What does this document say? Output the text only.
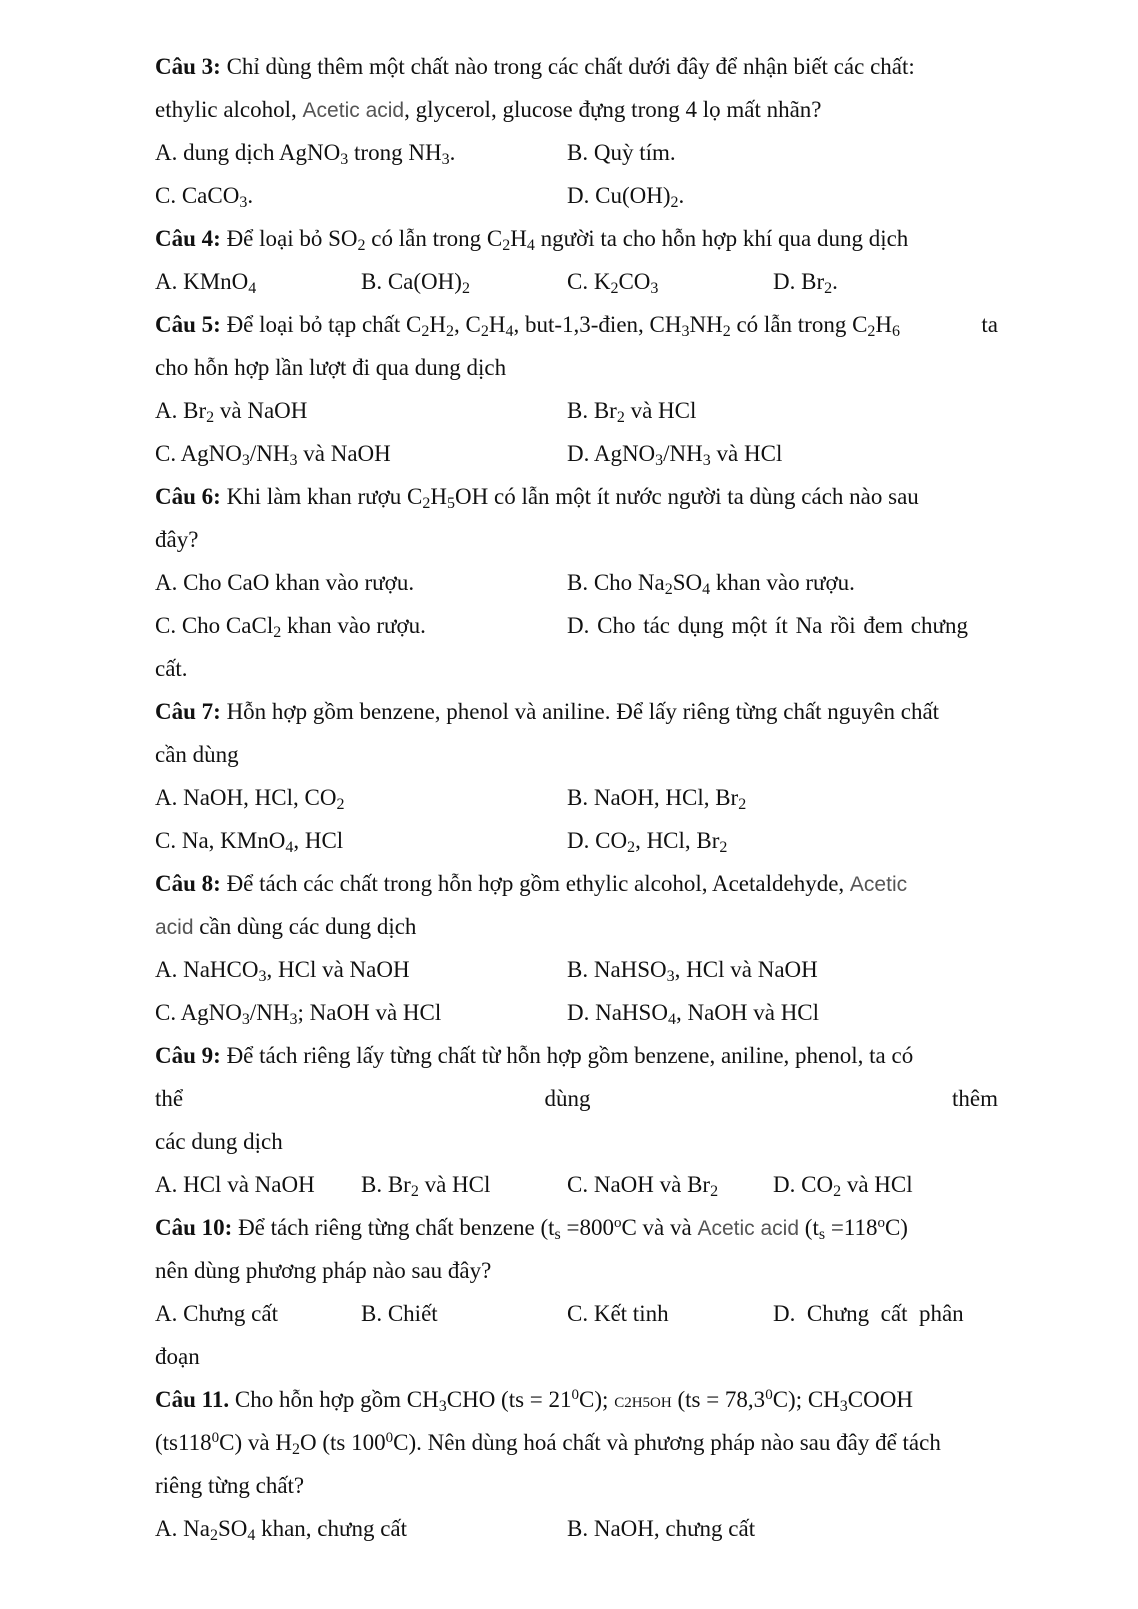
Câu 3: Chỉ dùng thêm một chất nào trong các chất dưới đây để nhận biết các chất:
ethylic alcohol, Acetic acid, glycerol, glucose đựng trong 4 lọ mất nhãn?
A. dung dịch AgNO$_3$ trong $NH_3$.	B. Quỳ tím.
C. CaCO$_3$.	D. $Cu(OH)_2$.
Câu 4: Để loại bỏ $SO_2$ có lẫn trong $C_2H_4$ người ta cho hỗn hợp khí qua dung dịch
A. KMnO$_4$	B. $Ca(OH)_2$	C. $K_2CO_3$	D. $Br_2$.
Câu 5: Để loại bỏ tạp chất $C_2H_2$, $C_2H_4$, but-1,3-đien, $CH_3NH_2$ có lẫn trong $C_2H_6$	ta
cho hỗn hợp lần lượt đi qua dung dịch
A. $Br_2$ và NaOH	B. $Br_2$ và HCl
C. $AgNO_3/NH_3$ và NaOH	D. $AgNO_3/NH_3$ và HCl
Câu 6: Khi làm khan rượu $C_2H_5OH$ có lẫn một ít nước người ta dùng cách nào sau
đây?
A. Cho CaO khan vào rượu.	B. Cho $Na_2SO_4$ khan vào rượu.
C. Cho CaCl$_2$ khan vào rượu.	D. Cho tác dụng một ít Na rồi đem chưng
cất.
Câu 7: Hỗn hợp gồm benzene, phenol và aniline. Để lấy riêng từng chất nguyên chất
cần dùng
A. NaOH, HCl, $CO_2$	B. NaOH, HCl, $Br_2$
C. Na, KMnO$_4$, HCl	D. $CO_2$, HCl, $Br_2$
Câu 8: Để tách các chất trong hỗn hợp gồm ethylic alcohol, Acetaldehyde, Acetic
acid cần dùng các dung dịch
A. NaHCO$_3$, HCl và NaOH	B. NaHSO$_3$, HCl và NaOH
C. $AgNO_3/NH_3$; NaOH và HCl	D. NaHSO$_4$, NaOH và HCl
Câu 9: Để tách riêng lấy từng chất từ hỗn hợp gồm benzene, aniline, phenol, ta có
thể	dùng	thêm
các dung dịch
A. HCl và NaOH	B. $Br_2$ và HCl	C. NaOH và $Br_2$	D. $CO_2$ và HCl
Câu 10: Để tách riêng từng chất benzene ($t_s =800^oC$ và và Acetic acid $(t_s =118^oC)$
nên dùng phương pháp nào sau đây?
A. Chưng cất	B. Chiết	C. Kết tinh	D.  Chưng  cất  phân
đoạn
Câu 11. Cho hỗn hợp gồm $CH_3CHO$ $(ts = 21^0C)$; C2H5OH $(ts = 78,3^0C)$; $CH_3COOH$
$(ts118^0C)$ và $H_2O$ (ts $100^0C$). Nên dùng hoá chất và phương pháp nào sau đây để tách
riêng từng chất?
A. $Na_2SO_4$ khan, chưng cất	B. NaOH, chưng cất
